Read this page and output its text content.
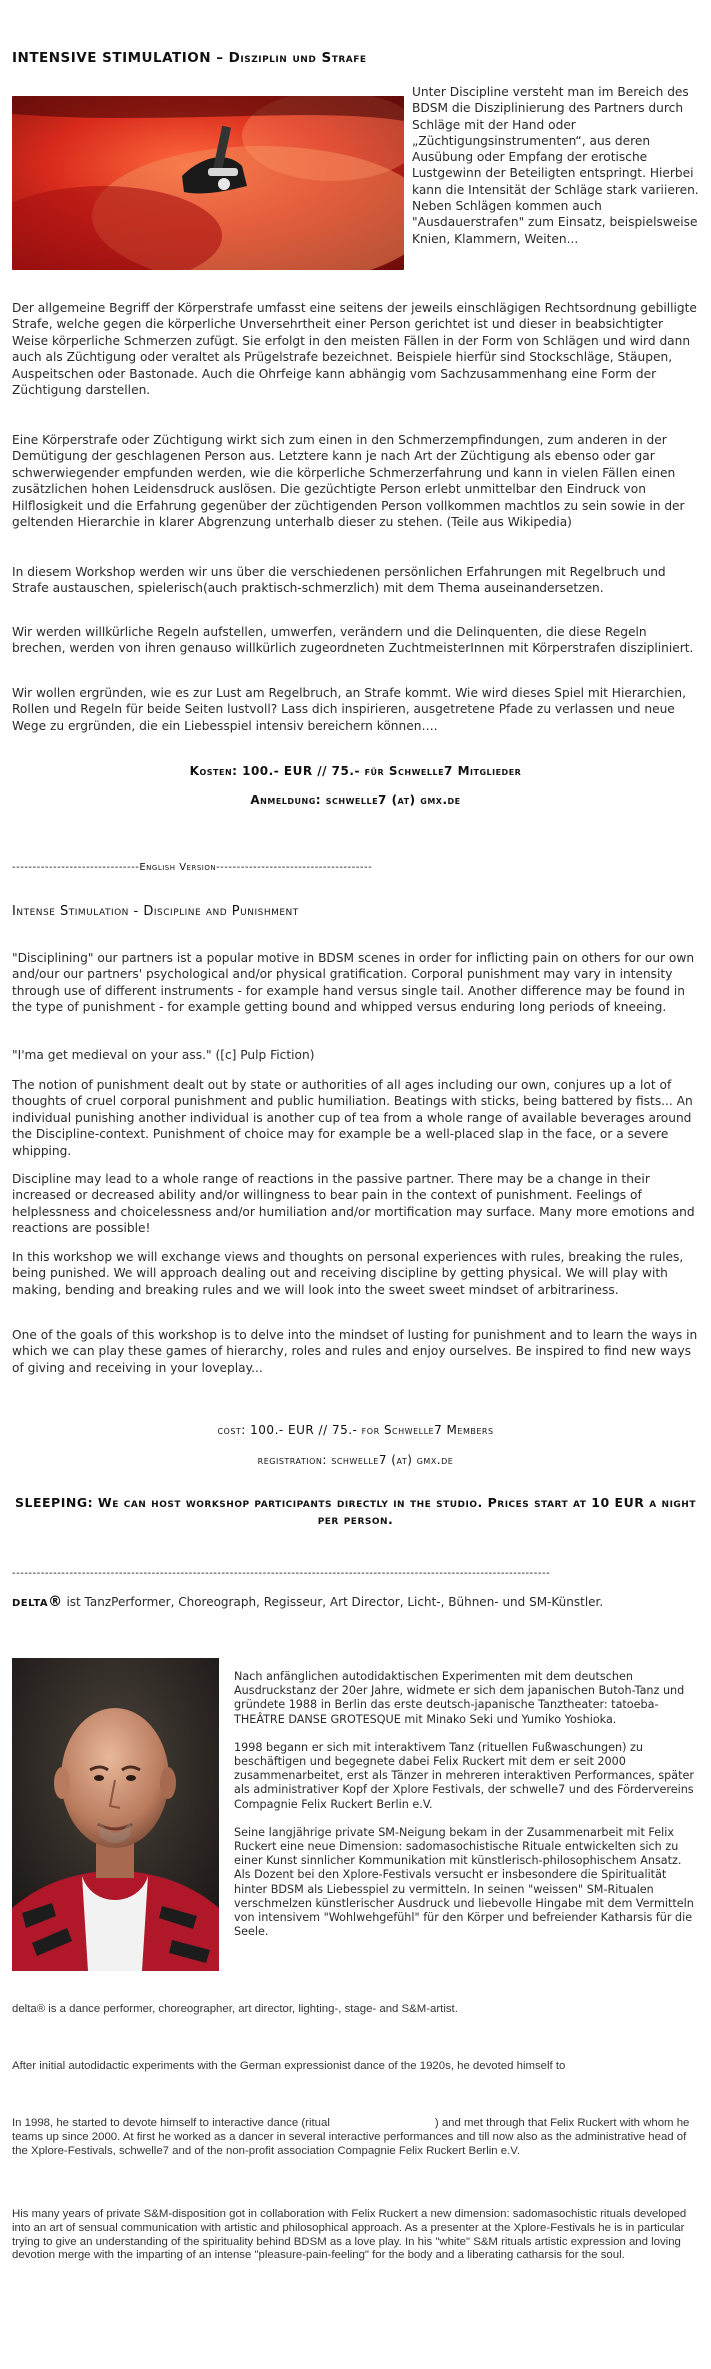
INTENSIVE STIMULATION – Disziplin und Strafe
Unter Discipline versteht man im Bereich des BDSM die Disziplinierung des Partners durch Schläge mit der Hand oder „Züchtigungsinstrumenten“, aus deren Ausübung oder Empfang der erotische Lustgewinn der Beteiligten entspringt. Hierbei kann die Intensität der Schläge stark variieren. Neben Schlägen kommen auch "Ausdauerstrafen" zum Einsatz, beispielsweise Knien, Klammern, Weiten...

Der allgemeine Begriff der Körperstrafe umfasst eine seitens der jeweils einschlägigen Rechtsordnung gebilligte Strafe, welche gegen die körperliche Unversehrtheit einer Person gerichtet ist und dieser in beabsichtigter Weise körperliche Schmerzen zufügt. Sie erfolgt in den meisten Fällen in der Form von Schlägen und wird dann auch als Züchtigung oder veraltet als Prügelstrafe bezeichnet. Beispiele hierfür sind Stockschläge, Stäupen, Auspeitschen oder Bastonade. Auch die Ohrfeige kann abhängig vom Sachzusammenhang eine Form der Züchtigung darstellen.

Eine Körperstrafe oder Züchtigung wirkt sich zum einen in den Schmerzempfindungen, zum anderen in der Demütigung der geschlagenen Person aus. Letztere kann je nach Art der Züchtigung als ebenso oder gar schwerwiegender empfunden werden, wie die körperliche Schmerzerfahrung und kann in vielen Fällen einen zusätzlichen hohen Leidensdruck auslösen. Die gezüchtigte Person erlebt unmittelbar den Eindruck von Hilflosigkeit und die Erfahrung gegenüber der züchtigenden Person vollkommen machtlos zu sein sowie in der geltenden Hierarchie in klarer Abgrenzung unterhalb dieser zu stehen. (Teile aus Wikipedia)

In diesem Workshop werden wir uns über die verschiedenen persönlichen Erfahrungen mit Regelbruch und Strafe austauschen, spielerisch(auch praktisch-schmerzlich) mit dem Thema auseinandersetzen.

Wir werden willkürliche Regeln aufstellen, umwerfen, verändern und die Delinquenten, die diese Regeln brechen, werden von ihren genauso willkürlich zugeordneten ZuchtmeisterInnen mit Körperstrafen diszipliniert.

Wir wollen ergründen, wie es zur Lust am Regelbruch, an Strafe kommt. Wie wird dieses Spiel mit Hierarchien, Rollen und Regeln für beide Seiten lustvoll? Lass dich inspirieren, ausgetretene Pfade zu verlassen und neue Wege zu ergründen, die ein Liebesspiel intensiv bereichern können….

Kosten: 100.- EUR // 75.- für Schwelle7 Mitglieder
Anmeldung: schwelle7 (at) gmx.de
-------------------------------English Version--------------------------------------
Intense Stimulation - Discipline and Punishment

"Disciplining" our partners ist a popular motive in BDSM scenes in order for inflicting pain on others for our own and/our our partners' psychological and/or physical gratification. Corporal punishment may vary in intensity through use of different instruments - for example hand versus single tail. Another difference may be found in the type of punishment - for example getting bound and whipped versus enduring long periods of kneeing.

"I'ma get medieval on your ass." ([c] Pulp Fiction)

The notion of punishment dealt out by state or authorities of all ages including our own, conjures up a lot of thoughts of cruel corporal punishment and public humiliation. Beatings with sticks, being battered by fists... An individual punishing another individual is another cup of tea from a whole range of available beverages around the Discipline-context. Punishment of choice may for example be a well-placed slap in the face, or a severe whipping.

Discipline may lead to a whole range of reactions in the passive partner. There may be a change in their increased or decreased ability and/or willingness to bear pain in the context of punishment. Feelings of helplessness and choicelessness and/or humiliation and/or mortification may surface. Many more emotions and reactions are possible!

In this workshop we will exchange views and thoughts on personal experiences with rules, breaking the rules, being punished. We will approach dealing out and receiving discipline by getting physical. We will play with making, bending and breaking rules and we will look into the sweet sweet mindset of arbitrariness.

One of the goals of this workshop is to delve into the mindset of lusting for punishment and to learn the ways in which we can play these games of hierarchy, roles and rules and enjoy ourselves. Be inspired to find new ways of giving and receiving in your loveplay...

cost: 100.- EUR // 75.- for Schwelle7 Members
registration: schwelle7 (at) gmx.de
SLEEPING: We can host workshop participants directly in the studio. Prices start at 10 EUR a night per person.
-----------------------------------------------------------------------------------------------------------------------------------
delta® ist TanzPerformer, Choreograph, Regisseur, Art Director, Licht-, Bühnen- und SM-Künstler.

Nach anfänglichen autodidaktischen Experimenten mit dem deutschen Ausdruckstanz der 20er Jahre, widmete er sich dem japanischen Butoh-Tanz und gründete 1988 in Berlin das erste deutsch-japanische Tanztheater: tatoeba-THEÂTRE DANSE GROTESQUE mit Minako Seki und Yumiko Yoshioka.

1998 begann er sich mit interaktivem Tanz (rituellen Fußwaschungen) zu beschäftigen und begegnete dabei Felix Ruckert mit dem er seit 2000 zusammenarbeitet, erst als Tänzer in mehreren interaktiven Performances, später als administrativer Kopf der Xplore Festivals, der schwelle7 und des Fördervereins Compagnie Felix Ruckert Berlin e.V.

Seine langjährige private SM-Neigung bekam in der Zusammenarbeit mit Felix Ruckert eine neue Dimension: sadomasochistische Rituale entwickelten sich zu einer Kunst sinnlicher Kommunikation mit künstlerisch-philosophischem Ansatz. Als Dozent bei den Xplore-Festivals versucht er insbesondere die Spiritualität hinter BDSM als Liebesspiel zu vermitteln. In seinen "weissen" SM-Ritualen verschmelzen künstlerischer Ausdruck und liebevolle Hingabe mit dem Vermitteln von intensivem "Wohlwehgefühl" für den Körper und befreiender Katharsis für die Seele.

delta® is a dance performer, choreographer, art director, lighting-, stage- and S&M-artist.

After initial autodidactic experiments with the German expressionist dance of the 1920s, he devoted himself to

In 1998, he started to devote himself to interactive dance (ritual	) and met through that Felix Ruckert with whom he teams up since 2000. At first he worked as a dancer in several interactive performances and till now also as the administrative head of the Xplore-Festivals, schwelle7 and of the non-profit association Compagnie Felix Ruckert Berlin e.V.

His many years of private S&M-disposition got in collaboration with Felix Ruckert a new dimension: sadomasochistic rituals developed into an art of sensual communication with artistic and philosophical approach. As a presenter at the Xplore-Festivals he is in particular trying to give an understanding of the spirituality behind BDSM as a love play. In his "white" S&M rituals artistic expression and loving devotion merge with the imparting of an intense "pleasure-pain-feeling" for the body and a liberating catharsis for the soul.
